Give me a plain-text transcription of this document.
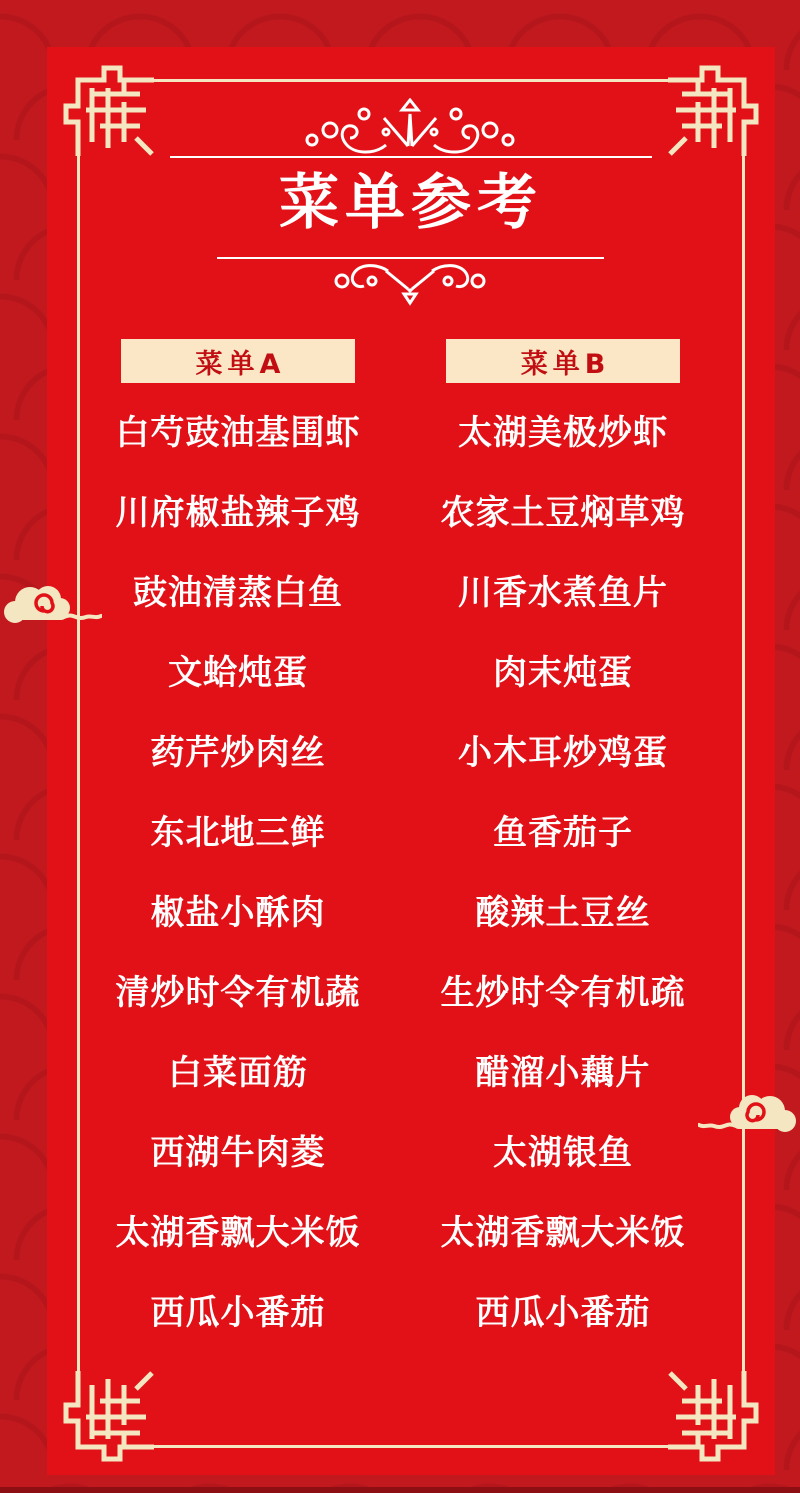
菜单参考
菜单A
白芍豉油基围虾
川府椒盐辣子鸡
豉油清蒸白鱼
文蛤炖蛋
药芹炒肉丝
东北地三鲜
椒盐小酥肉
清炒时令有机蔬
白菜面筋
西湖牛肉菱
太湖香飘大米饭
西瓜小番茄
菜单B
太湖美极炒虾
农家土豆焖草鸡
川香水煮鱼片
肉末炖蛋
小木耳炒鸡蛋
鱼香茄子
酸辣土豆丝
生炒时令有机疏
醋溜小藕片
太湖银鱼
太湖香飘大米饭
西瓜小番茄
